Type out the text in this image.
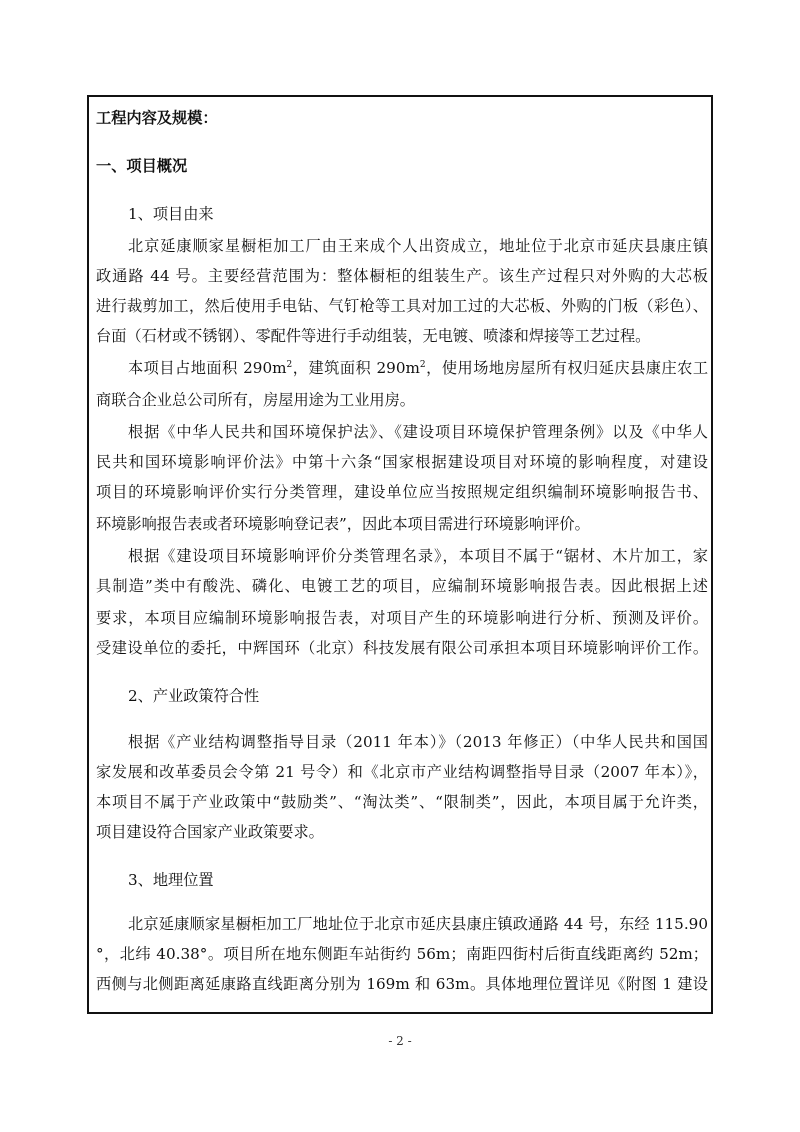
工程内容及规模：
一、项目概况
1、项目由来
北京延康顺家星橱柜加工厂由王来成个人出资成立，地址位于北京市延庆县康庄镇
政通路 44 号。主要经营范围为：整体橱柜的组装生产。该生产过程只对外购的大芯板
进行裁剪加工，然后使用手电钻、气钉枪等工具对加工过的大芯板、外购的门板（彩色）、
台面（石材或不锈钢）、零配件等进行手动组装，无电镀、喷漆和焊接等工艺过程。
本项目占地面积 $290m^2$，建筑面积 $290m^2$，使用场地房屋所有权归延庆县康庄农工
商联合企业总公司所有，房屋用途为工业用房。
根据《中华人民共和国环境保护法》、《建设项目环境保护管理条例》以及《中华人
民共和国环境影响评价法》中第十六条“国家根据建设项目对环境的影响程度，对建设
项目的环境影响评价实行分类管理，建设单位应当按照规定组织编制环境影响报告书、
环境影响报告表或者环境影响登记表”，因此本项目需进行环境影响评价。
根据《建设项目环境影响评价分类管理名录》，本项目不属于“锯材、木片加工，家
具制造”类中有酸洗、磷化、电镀工艺的项目，应编制环境影响报告表。因此根据上述
要求，本项目应编制环境影响报告表，对项目产生的环境影响进行分析、预测及评价。
受建设单位的委托，中辉国环（北京）科技发展有限公司承担本项目环境影响评价工作。
2、产业政策符合性
根据《产业结构调整指导目录（2011 年本）》（2013 年修正）（中华人民共和国国
家发展和改革委员会令第 21 号令）和《北京市产业结构调整指导目录（2007 年本）》，
本项目不属于产业政策中“鼓励类”、“淘汰类”、“限制类”，因此，本项目属于允许类，
项目建设符合国家产业政策要求。
3、地理位置
北京延康顺家星橱柜加工厂地址位于北京市延庆县康庄镇政通路 44 号，东经 115.90
°，北纬 40.38°。项目所在地东侧距车站街约 56m；南距四街村后街直线距离约 52m；
西侧与北侧距离延康路直线距离分别为 169m 和 63m。具体地理位置详见《附图 1 建设
- 2 -
